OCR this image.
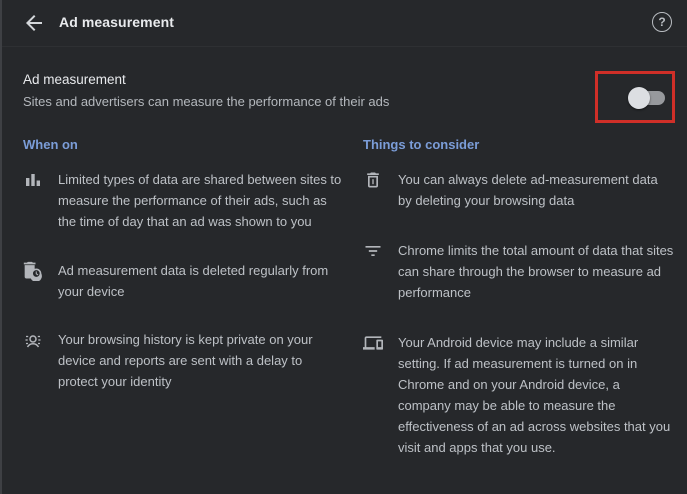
Ad measurement	?
Ad measurement
Sites and advertisers can measure the performance of their ads
When on
Limited types of data are shared between sites to measure the performance of their ads, such as the time of day that an ad was shown to you
Ad measurement data is deleted regularly from your device
Your browsing history is kept private on your device and reports are sent with a delay to protect your identity
Things to consider
You can always delete ad-measurement data by deleting your browsing data
Chrome limits the total amount of data that sites can share through the browser to measure ad performance
Your Android device may include a similar setting. If ad measurement is turned on in Chrome and on your Android device, a company may be able to measure the effectiveness of an ad across websites that you visit and apps that you use.
